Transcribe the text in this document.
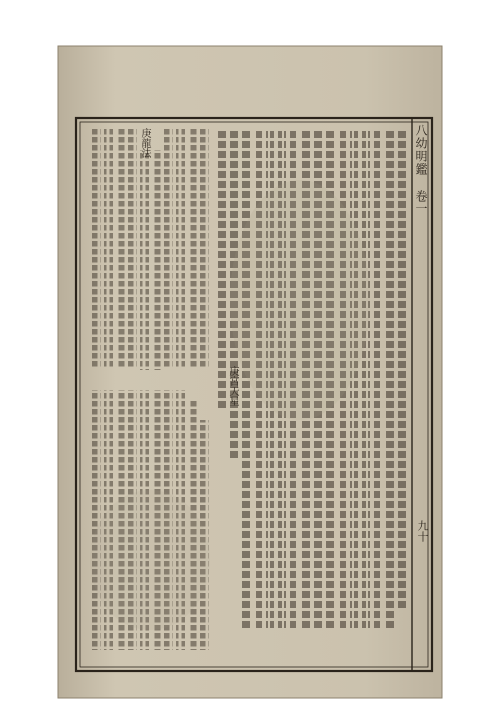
八幼明鑑
卷一
九十
庚宮天星
庚龍法
